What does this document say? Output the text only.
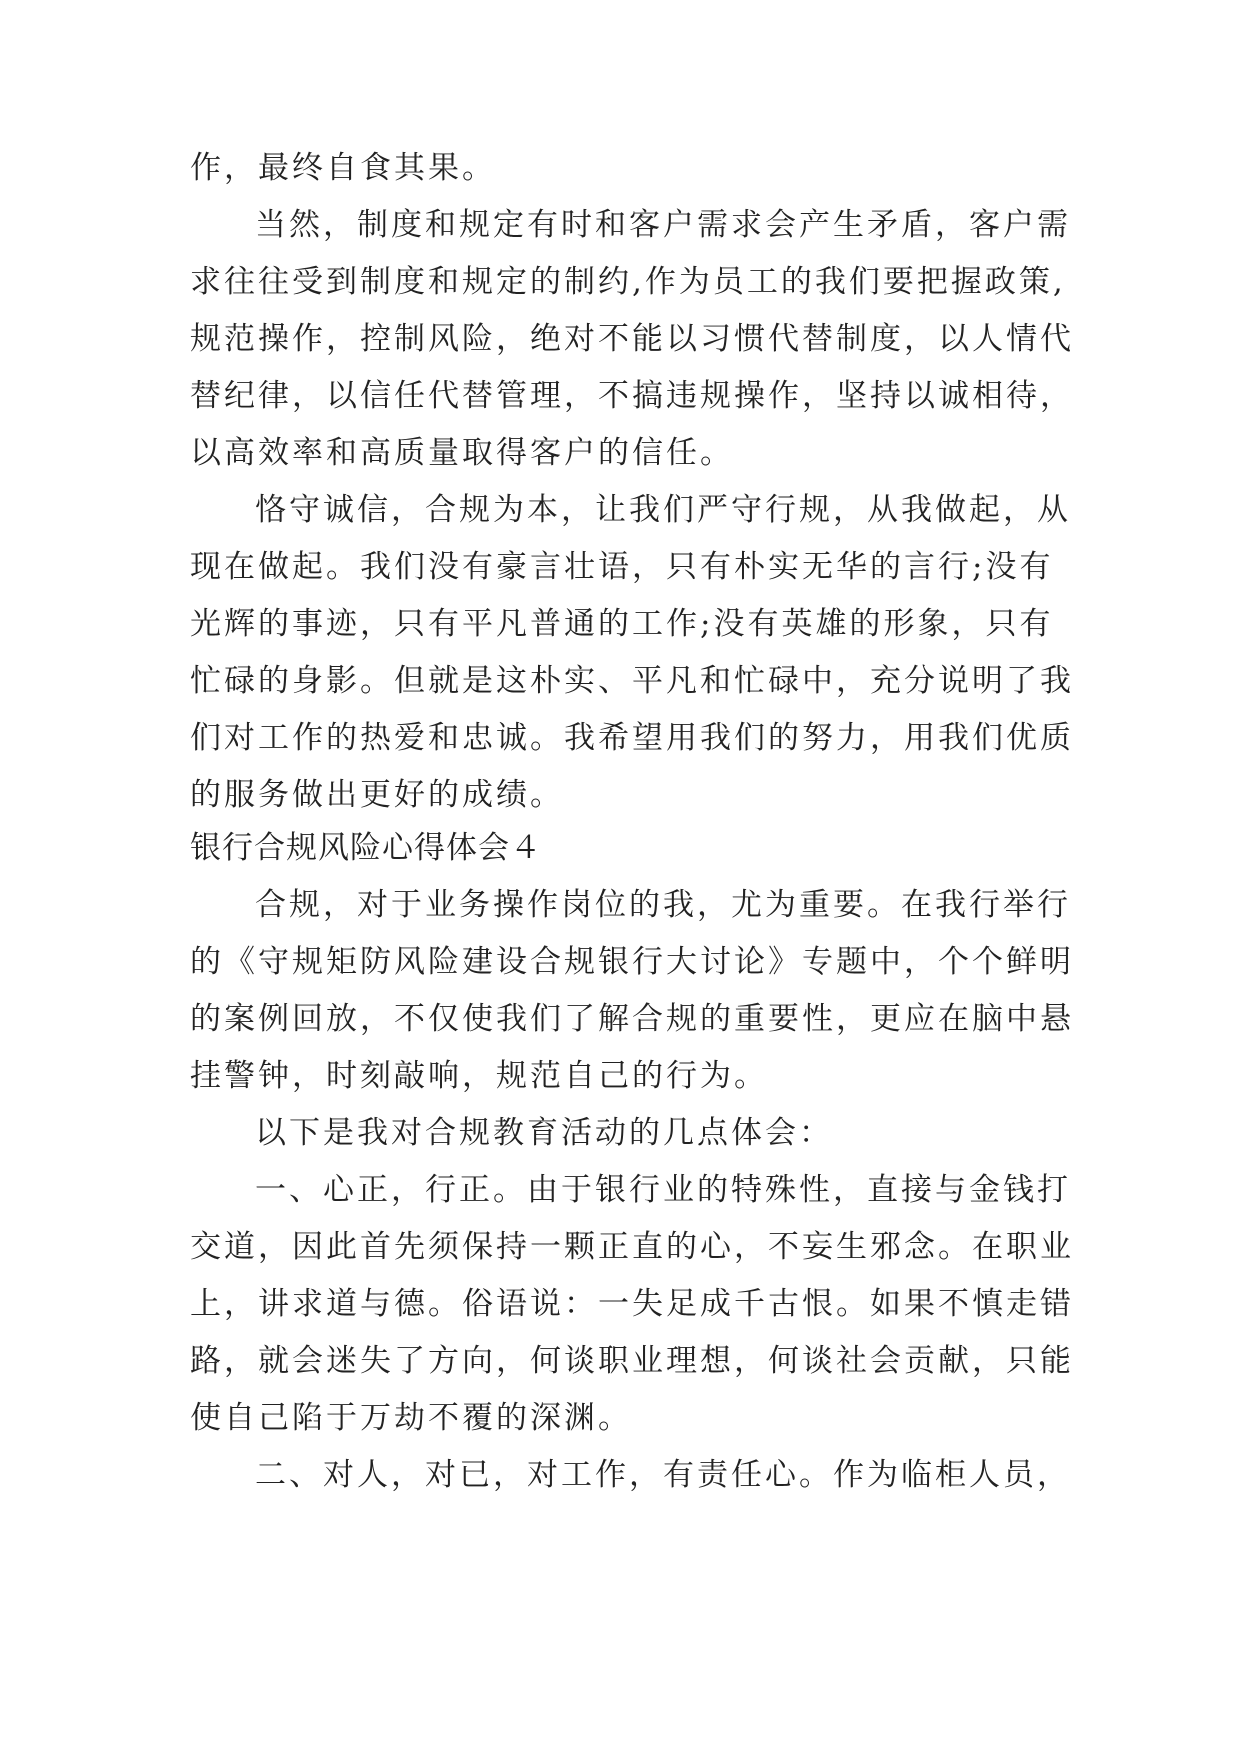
作，最终自食其果。
当然，制度和规定有时和客户需求会产生矛盾，客户需
求往往受到制度和规定的制约,作为员工的我们要把握政策,
规范操作，控制风险，绝对不能以习惯代替制度，以人情代
替纪律，以信任代替管理，不搞违规操作，坚持以诚相待，
以高效率和高质量取得客户的信任。
恪守诚信，合规为本，让我们严守行规，从我做起，从
现在做起。我们没有豪言壮语，只有朴实无华的言行;没有
光辉的事迹，只有平凡普通的工作;没有英雄的形象，只有
忙碌的身影。但就是这朴实、平凡和忙碌中，充分说明了我
们对工作的热爱和忠诚。我希望用我们的努力，用我们优质
的服务做出更好的成绩。
银行合规风险心得体会４
合规，对于业务操作岗位的我，尤为重要。在我行举行
的《守规矩防风险建设合规银行大讨论》专题中，个个鲜明
的案例回放，不仅使我们了解合规的重要性，更应在脑中悬
挂警钟，时刻敲响，规范自己的行为。
以下是我对合规教育活动的几点体会：
一、心正，行正。由于银行业的特殊性，直接与金钱打
交道，因此首先须保持一颗正直的心，不妄生邪念。在职业
上，讲求道与德。俗语说：一失足成千古恨。如果不慎走错
路，就会迷失了方向，何谈职业理想，何谈社会贡献，只能
使自己陷于万劫不覆的深渊。
二、对人，对已，对工作，有责任心。作为临柜人员，
